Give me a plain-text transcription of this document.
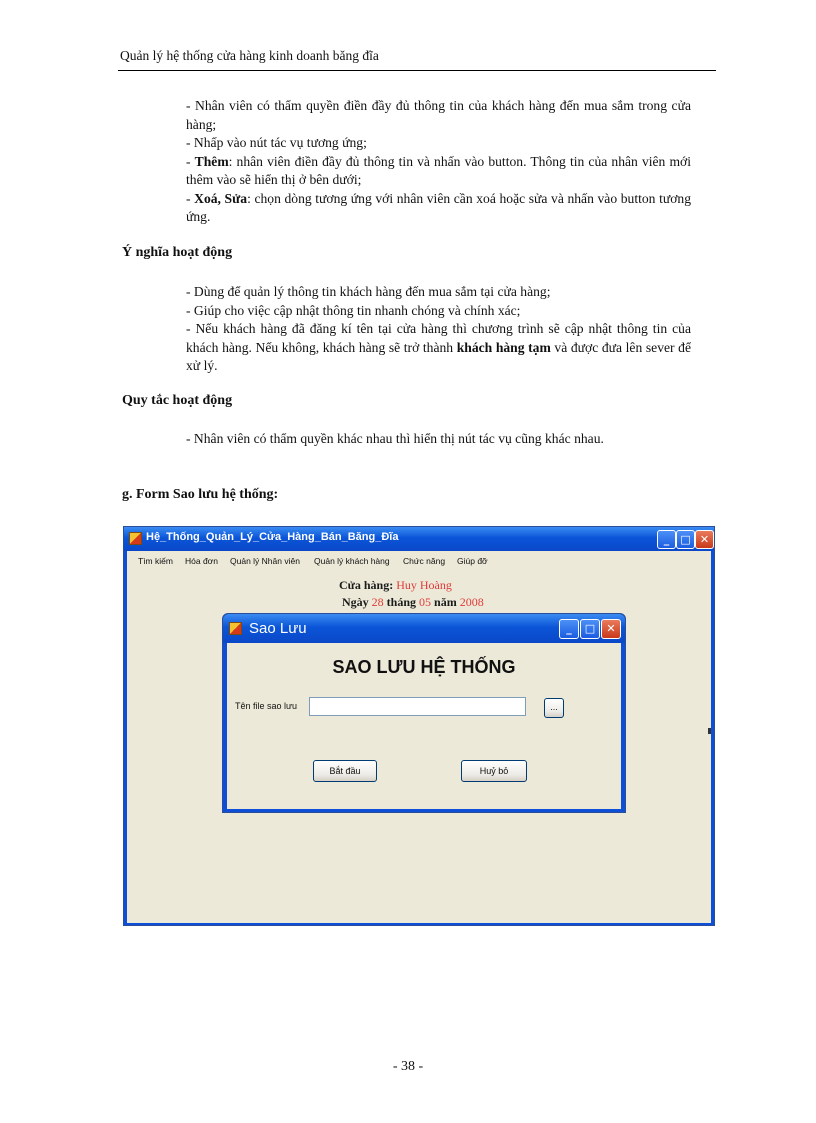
Quản lý hệ thống cửa hàng kinh doanh băng đĩa
- Nhân viên có thẩm quyền điền đầy đủ thông tin của khách hàng đến mua sắm trong cửa hàng;
- Nhấp vào nút tác vụ tương ứng;
- Thêm: nhân viên điền đầy đủ thông tin và nhấn vào button. Thông tin của nhân viên mới thêm vào sẽ hiển thị ở bên dưới;
- Xoá, Sửa: chọn dòng tương ứng với nhân viên cần xoá hoặc sửa và nhấn vào button tương ứng.
Ý nghĩa hoạt động
- Dùng để quản lý thông tin khách hàng đến mua sắm tại cửa hàng;
- Giúp cho việc cập nhật thông tin nhanh chóng và chính xác;
- Nếu khách hàng đã đăng kí tên tại cửa hàng thì chương trình sẽ cập nhật thông tin của khách hàng. Nếu không, khách hàng sẽ trở thành khách hàng tạm và được đưa lên sever để xử lý.
Quy tắc hoạt động
- Nhân viên có thẩm quyền khác nhau thì hiển thị nút tác vụ cũng khác nhau.
g. Form Sao lưu hệ thống:
Hệ_Thống_Quản_Lý_Cửa_Hàng_Bán_Băng_Đĩa	_	□ ✕
Tìm kiếm Hóa đơn Quản lý Nhân viên Quản lý khách hàng Chức năng Giúp đỡ
Cửa hàng: Huy Hoàng
Ngày 28 tháng 05 năm 2008
Sao Lưu	_	□	✕
SAO LƯU HỆ THỐNG
Tên file sao lưu	...
Bắt đầu	Huỷ bỏ
- 38 -
